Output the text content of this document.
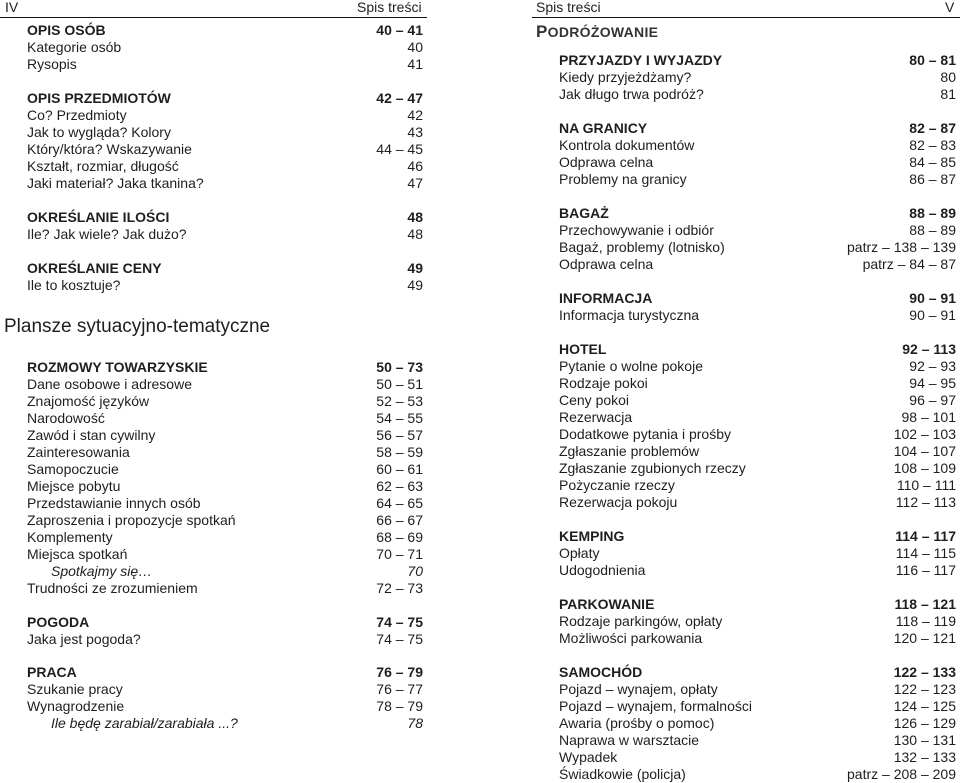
IV	Spis treści	Spis treści	V
OPIS OSÓB	40 – 41
Kategorie osób	40
Rysopis	41
OPIS PRZEDMIOTÓW	42 – 47
Co? Przedmioty	42
Jak to wygląda? Kolory	43
Który/która? Wskazywanie	44 – 45
Kształt, rozmiar, długość	46
Jaki materiał? Jaka tkanina?	47
OKREŚLANIE ILOŚCI	48
Ile? Jak wiele? Jak dużo?	48
OKREŚLANIE CENY	49
Ile to kosztuje?	49
Plansze sytuacyjno-tematyczne
ROZMOWY TOWARZYSKIE	50 – 73
Dane osobowe i adresowe	50 – 51
Znajomość języków	52 – 53
Narodowość	54 – 55
Zawód i stan cywilny	56 – 57
Zainteresowania	58 – 59
Samopoczucie	60 – 61
Miejsce pobytu	62 – 63
Przedstawianie innych osób	64 – 65
Zaproszenia i propozycje spotkań	66 – 67
Komplementy	68 – 69
Miejsca spotkań	70 – 71
Spotkajmy się…	70
Trudności ze zrozumieniem	72 – 73
POGODA	74 – 75
Jaka jest pogoda?	74 – 75
PRACA	76 – 79
Szukanie pracy	76 – 77
Wynagrodzenie	78 – 79
Ile będę zarabiał/zarabiała ...?	78
PODRÓŻOWANIE
PRZYJAZDY I WYJAZDY	80 – 81
Kiedy przyjeżdżamy?	80
Jak długo trwa podróż?	81
NA GRANICY	82 – 87
Kontrola dokumentów	82 – 83
Odprawa celna	84 – 85
Problemy na granicy	86 – 87
BAGAŻ	88 – 89
Przechowywanie i odbiór	88 – 89
Bagaż, problemy (lotnisko)	patrz – 138 – 139
Odprawa celna	patrz – 84 – 87
INFORMACJA	90 – 91
Informacja turystyczna	90 – 91
HOTEL	92 – 113
Pytanie o wolne pokoje	92 – 93
Rodzaje pokoi	94 – 95
Ceny pokoi	96 – 97
Rezerwacja	98 – 101
Dodatkowe pytania i prośby	102 – 103
Zgłaszanie problemów	104 – 107
Zgłaszanie zgubionych rzeczy	108 – 109
Pożyczanie rzeczy	110 – 111
Rezerwacja pokoju	112 – 113
KEMPING	114 – 117
Opłaty	114 – 115
Udogodnienia	116 – 117
PARKOWANIE	118 – 121
Rodzaje parkingów, opłaty	118 – 119
Możliwości parkowania	120 – 121
SAMOCHÓD	122 – 133
Pojazd – wynajem, opłaty	122 – 123
Pojazd – wynajem, formalności	124 – 125
Awaria (prośby o pomoc)	126 – 129
Naprawa w warsztacie	130 – 131
Wypadek	132 – 133
Świadkowie (policja)	patrz – 208 – 209
